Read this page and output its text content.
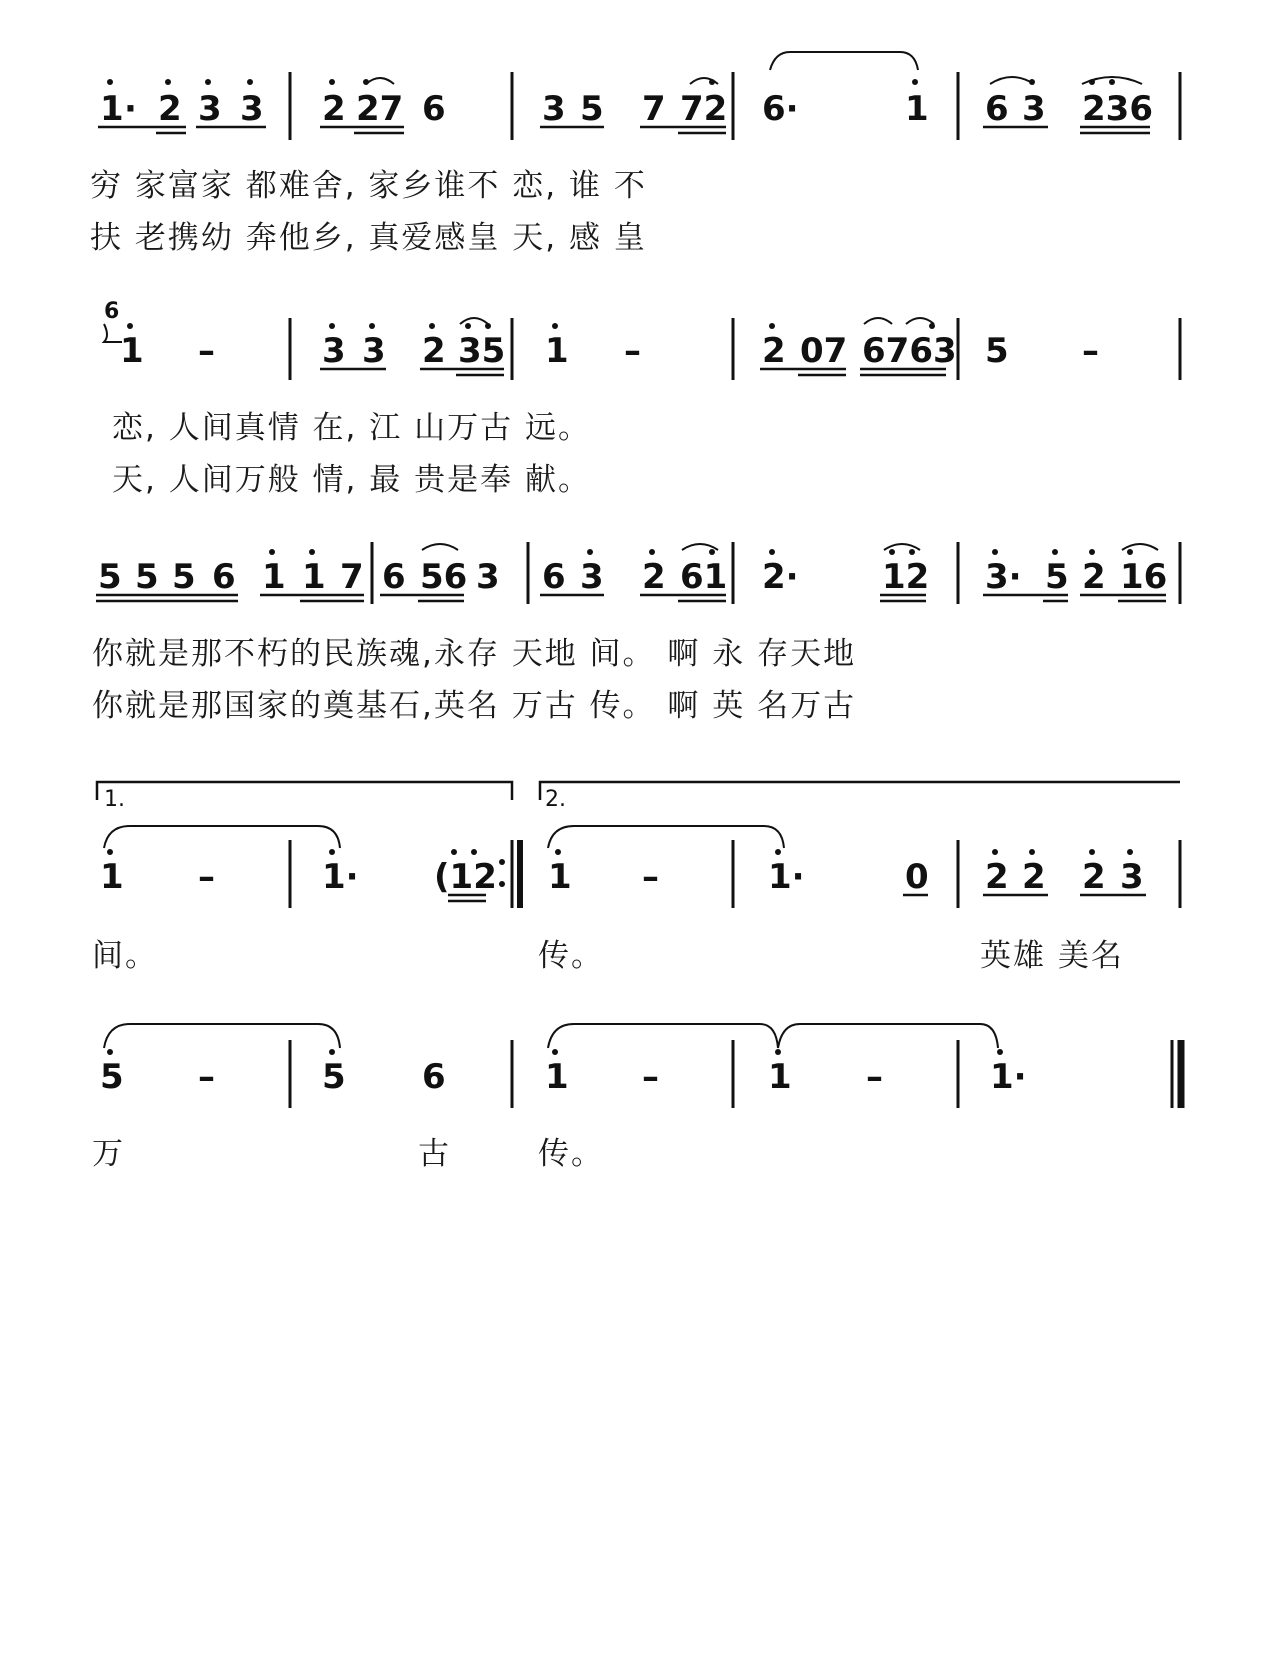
1 · 2 3 3 2 27 6	3 5 7 72 6·	1 6 3 236
6
1 –	3 3 2 35 1 –	2 07 6763 5 –
5 5 5 6 1 1 7 6 56 3 6 3 2 61 2· 12 3· 5 2 16
1.	2.
1 –	1· (12 1 –	1·	0 2 2 2 3
5 –	5 6	1 –	1 –	1·
穷 家富家 都难舍, 家乡谁不 恋, 谁 不
扶 老携幼 奔他乡, 真爱感皇 天, 感 皇
恋, 人间真情 在, 江 山万古 远。
天, 人间万般 情, 最 贵是奉 献。
你就是那不朽的民族魂,永存 天地 间。 啊 永 存天地
你就是那国家的奠基石,英名 万古 传。 啊 英 名万古
间。	传。	英雄 美名
万	古	传。
